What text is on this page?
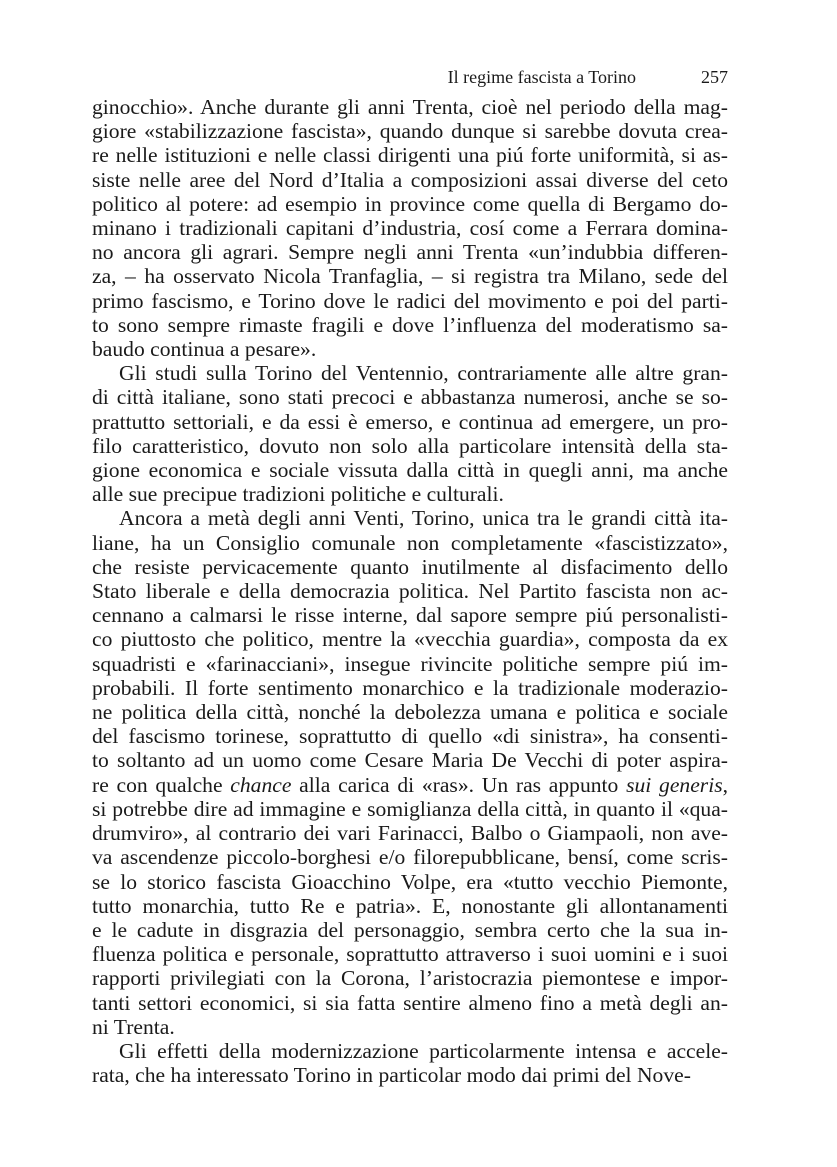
Il regime fascista a Torino	257

ginocchio». Anche durante gli anni Trenta, cioè nel periodo della mag-

giore «stabilizzazione fascista», quando dunque si sarebbe dovuta crea-

re nelle istituzioni e nelle classi dirigenti una piú forte uniformità, si as-

siste nelle aree del Nord d’Italia a composizioni assai diverse del ceto

politico al potere: ad esempio in province come quella di Bergamo do-

minano i tradizionali capitani d’industria, cosí come a Ferrara domina-

no ancora gli agrari. Sempre negli anni Trenta «un’indubbia differen-

za, – ha osservato Nicola Tranfaglia, – si registra tra Milano, sede del

primo fascismo, e Torino dove le radici del movimento e poi del parti-

to sono sempre rimaste fragili e dove l’influenza del moderatismo sa-

baudo continua a pesare».

Gli studi sulla Torino del Ventennio, contrariamente alle altre gran-

di città italiane, sono stati precoci e abbastanza numerosi, anche se so-

prattutto settoriali, e da essi è emerso, e continua ad emergere, un pro-

filo caratteristico, dovuto non solo alla particolare intensità della sta-

gione economica e sociale vissuta dalla città in quegli anni, ma anche

alle sue precipue tradizioni politiche e culturali.

Ancora a metà degli anni Venti, Torino, unica tra le grandi città ita-

liane, ha un Consiglio comunale non completamente «fascistizzato»,

che resiste pervicacemente quanto inutilmente al disfacimento dello

Stato liberale e della democrazia politica. Nel Partito fascista non ac-

cennano a calmarsi le risse interne, dal sapore sempre piú personalisti-

co piuttosto che politico, mentre la «vecchia guardia», composta da ex

squadristi e «farinacciani», insegue rivincite politiche sempre piú im-

probabili. Il forte sentimento monarchico e la tradizionale moderazio-

ne politica della città, nonché la debolezza umana e politica e sociale

del fascismo torinese, soprattutto di quello «di sinistra», ha consenti-

to soltanto ad un uomo come Cesare Maria De Vecchi di poter aspira-

re con qualche chance alla carica di «ras». Un ras appunto sui generis,

si potrebbe dire ad immagine e somiglianza della città, in quanto il «qua-

drumviro», al contrario dei vari Farinacci, Balbo o Giampaoli, non ave-

va ascendenze piccolo-borghesi e/o filorepubblicane, bensí, come scris-

se lo storico fascista Gioacchino Volpe, era «tutto vecchio Piemonte,

tutto monarchia, tutto Re e patria». E, nonostante gli allontanamenti

e le cadute in disgrazia del personaggio, sembra certo che la sua in-

fluenza politica e personale, soprattutto attraverso i suoi uomini e i suoi

rapporti privilegiati con la Corona, l’aristocrazia piemontese e impor-

tanti settori economici, si sia fatta sentire almeno fino a metà degli an-

ni Trenta.

Gli effetti della modernizzazione particolarmente intensa e accele-

rata, che ha interessato Torino in particolar modo dai primi del Nove-
